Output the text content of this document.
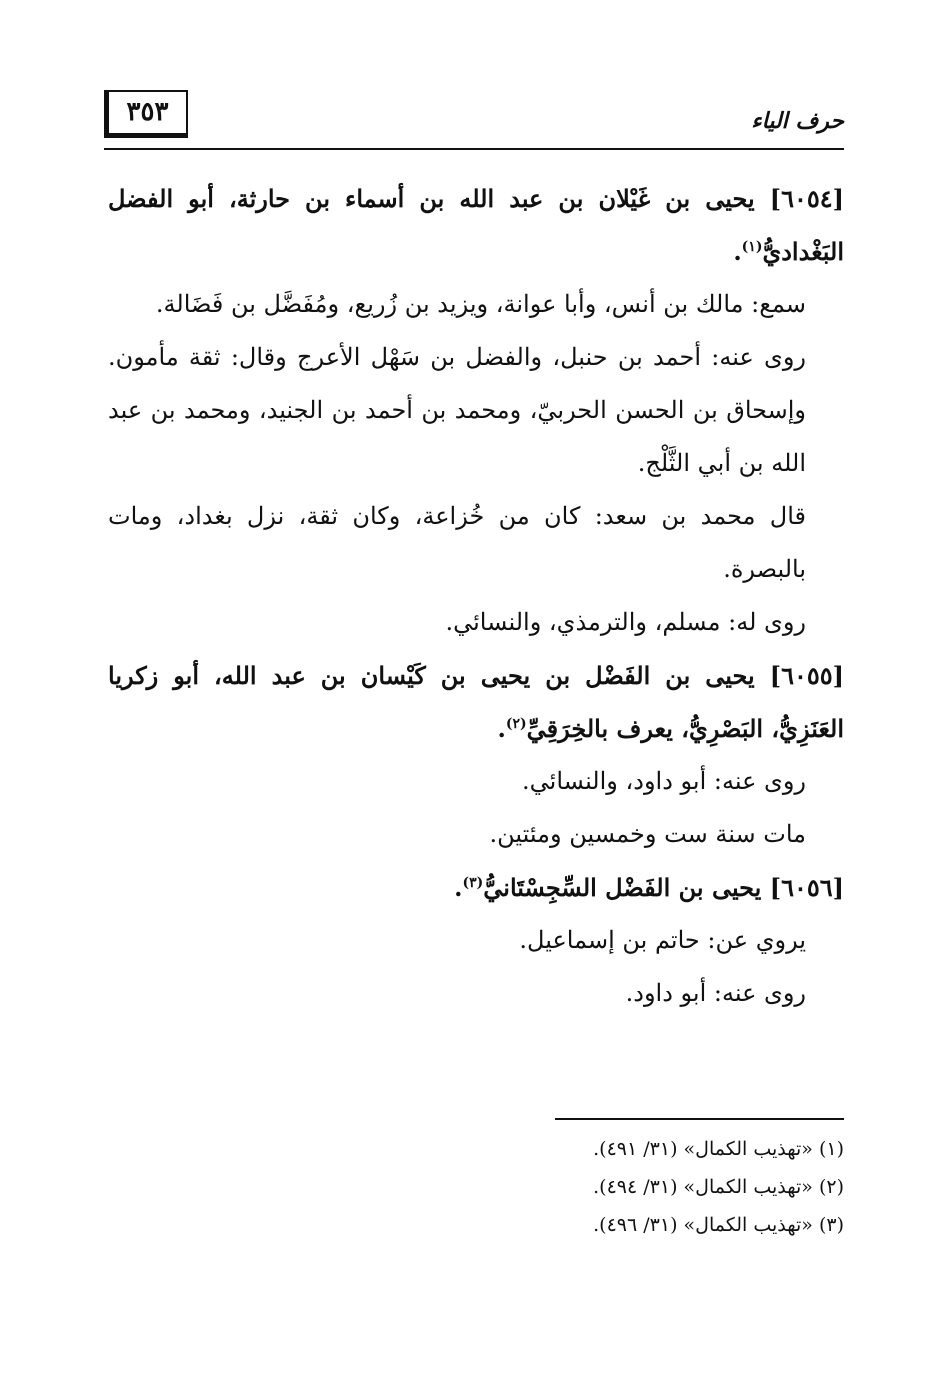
٣٥٣	حرف الياء

[٦٠٥٤] يحيى بن غَيْلان بن عبد الله بن أسماء بن حارثة، أبو الفضل البَغْداديُّ$^{(١)}$.

سمع: مالك بن أنس، وأبا عوانة، ويزيد بن زُريع، ومُفَضَّل بن فَضَالة.

روى عنه: أحمد بن حنبل، والفضل بن سَهْل الأعرج وقال: ثقة مأمون. وإسحاق بن الحسن الحربيّ، ومحمد بن أحمد بن الجنيد، ومحمد بن عبد الله بن أبي الثَّلْج.

قال محمد بن سعد: كان من خُزاعة، وكان ثقة، نزل بغداد، ومات بالبصرة.

روى له: مسلم، والترمذي، والنسائي.

[٦٠٥٥] يحيى بن الفَضْل بن يحيى بن كَيْسان بن عبد الله، أبو زكريا العَنَزِيُّ، البَصْرِيُّ، يعرف بالخِرَقِيِّ$^{(٢)}$.

روى عنه: أبو داود، والنسائي.

مات سنة ست وخمسين ومئتين.

[٦٠٥٦] يحيى بن الفَضْل السِّجِسْتَانيُّ$^{(٣)}$.

يروي عن: حاتم بن إسماعيل.

روى عنه: أبو داود.

(١) «تهذيب الكمال» (٣١/ ٤٩١).

(٢) «تهذيب الكمال» (٣١/ ٤٩٤).

(٣) «تهذيب الكمال» (٣١/ ٤٩٦).
